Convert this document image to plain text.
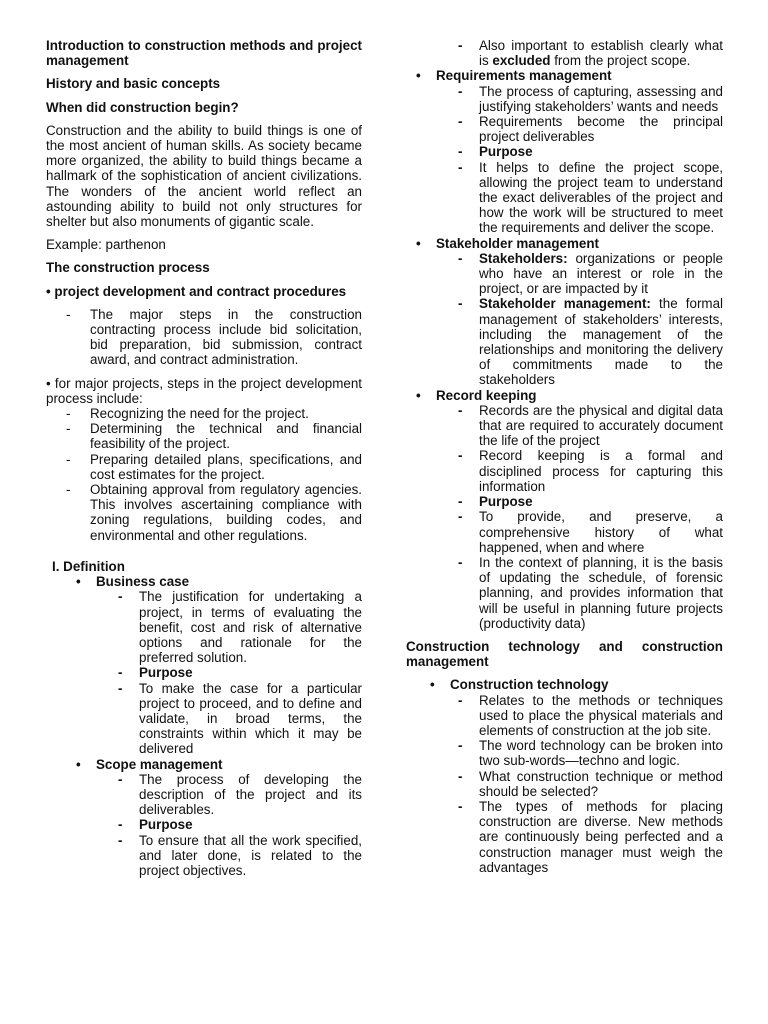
Introduction to construction methods and project management

History and basic concepts

When did construction begin?

Construction and the ability to build things is one of the most ancient of human skills. As society became more organized, the ability to build things became a hallmark of the sophistication of ancient civilizations. The wonders of the ancient world reflect an astounding ability to build not only structures for shelter but also monuments of gigantic scale.

Example: parthenon

The construction process

• project development and contract procedures

- The major steps in the construction contracting process include bid solicitation, bid preparation, bid submission, contract award, and contract administration.

• for major projects, steps in the project development process include:

- Recognizing the need for the project.
- Determining the technical and financial feasibility of the project.
- Preparing detailed plans, specifications, and cost estimates for the project.
- Obtaining approval from regulatory agencies. This involves ascertaining compliance with zoning regulations, building codes, and environmental and other regulations.

I. Definition

• Business case
- The justification for undertaking a project, in terms of evaluating the benefit, cost and risk of alternative options and rationale for the preferred solution.
- Purpose
- To make the case for a particular project to proceed, and to define and validate, in broad terms, the constraints within which it may be delivered
• Scope management
- The process of developing the description of the project and its deliverables.
- Purpose
- To ensure that all the work specified, and later done, is related to the project objectives.
- Also important to establish clearly what is excluded from the project scope.
• Requirements management
- The process of capturing, assessing and justifying stakeholders’ wants and needs
- Requirements become the principal project deliverables
- Purpose
- It helps to define the project scope, allowing the project team to understand the exact deliverables of the project and how the work will be structured to meet the requirements and deliver the scope.
• Stakeholder management
- Stakeholders: organizations or people who have an interest or role in the project, or are impacted by it
- Stakeholder management: the formal management of stakeholders’ interests, including the management of the relationships and monitoring the delivery of commitments made to the stakeholders
• Record keeping
- Records are the physical and digital data that are required to accurately document the life of the project
- Record keeping is a formal and disciplined process for capturing this information
- Purpose
- To provide, and preserve, a comprehensive history of what happened, when and where
- In the context of planning, it is the basis of updating the schedule, of forensic planning, and provides information that will be useful in planning future projects (productivity data)

Construction technology and construction management

• Construction technology
- Relates to the methods or techniques used to place the physical materials and elements of construction at the job site.
- The word technology can be broken into two sub-words—techno and logic.
- What construction technique or method should be selected?
- The types of methods for placing construction are diverse. New methods are continuously being perfected and a construction manager must weigh the advantages
